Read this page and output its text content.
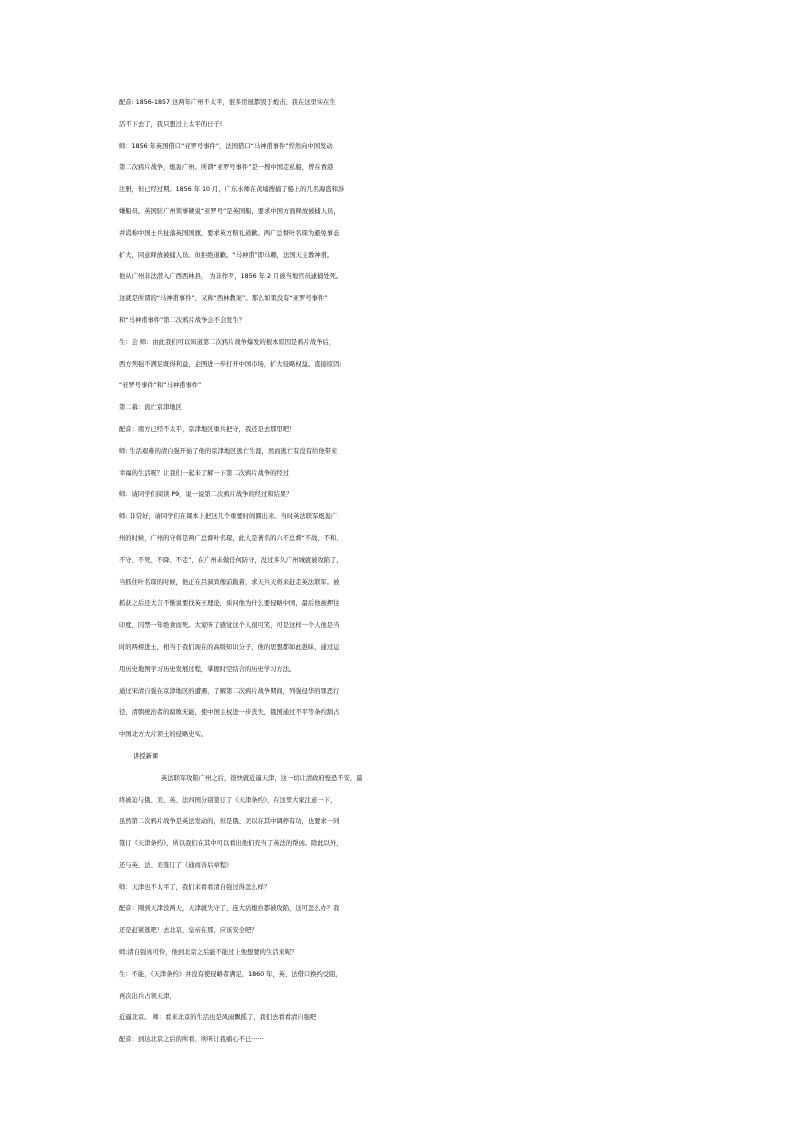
配音: 1856-1857 这两年广州不太平，很多房屋都毁于炮击，我在这里实在生
活不下去了，我只想过上太平的日子!
师：1856 年英国借口“亚罗号事件”，法国借口“马神甫事件”悍然向中国发动
第二次鸦片战争，炮轰广州。所谓“亚罗号事件”是一搜中国走私船，曾在香港
注册，但已经过期。1856 年 10 月，广东水师在黄埔搜捕了船上的几名海盗和涉
嫌船员。英国驻广州领事硬说“亚罗号”是英国船，要求中国方面释放被捕人员，
并谎称中国士兵扯落英国国旗，要求英方赔礼道歉。两广总督叶名琛为避免事态
扩大，同意释放被捕人员。但拒绝道歉。“马神甫”即马赖，法国天主教神甫。
他从广州非法潜入广西西林县， 为非作歹，1856 年 2 月被当地官员逮捕处死。
这就是所谓的“马神甫事件”，又称“西林教案”。那么如果没有“亚罗号事件”
和“马神甫事件”第二次鸦片战争会不会发生？
生：会 师：由此我们可以知道第二次鸦片战争爆发的根本原因是鸦片战争后，
西方列强不满足既得利益，企图进一步打开中国市场，扩大侵略权益。直接原因:
“亚罗号事件”和“马神甫事件”
第二幕：流亡京津地区
配音：南方已经不太平，京津地区重兵把守，我还是去那里吧！
师: 生活艰难的清自强开始了他的京津地区逃亡生涯，然而逃亡有没有给他带来
幸福的生活呢？让我们一起来了解一下第二次鸦片战争的经过
师：请同学们阅读 P9，说一说第二次鸦片战争的经过和结果？
师: 非常好，请同学们在课本上把这几个重要时间圈出来。当时英法联军炮轰广
州的时候，广州的守将是两广总督叶名琛，此人是著名的六不总督“不战、不和、
不守、不死、不降、不走”，在广州未做任何防守，没过多久广州城就被攻陷了，
当抓住叶名琛的时候，他正在吕洞宾像前跪着，求天兵天将来赶走英法联军。被
抓获之后还大言不惭说要找英王理论，质问他为什么要侵略中国，最后他被押往
印度，囚禁一年绝食而死。大家听了感觉这个人很可笑，可是这样一个人他是当
时的两榜进士，相当于我们现在的高级知识分子，他的思想都如此愚昧，通过运
用历史地图学习历史发展过程，掌握时空结合的历史学习方法。
通过宋清自强在京津地区的遭遇，了解第二次鸦片战争期间，列强侵华的罪恶行
径，清朝统治者的腐败无能，使中国主权进一步丧失，俄国通过不平等条约割占
中国北方大片领土的侵略史实。
讲授新课
英法联军攻陷广州之后，很快就近逼天津，这一切让清政府惶恐不安，最
终被迫与俄、美、英、法四国分别签订了《天津条约》，在这里大家注意一下，
虽然第二次鸦片战争是英法发动的，但是俄、美以在其中调停有功，也要求一同
签订《天津条约》，所以我们在其中可以看出他们充当了英法的帮凶。除此以外，
还与英、法、美签订了《通商善后章程》
师：天津也不太平了，我们来看看清自强过得怎么样？
配音：刚到天津没两天，天津就失守了，连大沽炮台都被攻陷，这可怎么办？我
还是赶紧逃吧！去北京，皇帝在那，应该安全吧？
师;清自强真可怜，他到北京之后能不能过上他想要的生活来呢？
生：不能，《天津条约》并没有使侵略者满足，1860 年，英、法借口换约受阻，
再次出兵占领天津，
近逼北京。 师：看来北京的生活也是风雨飘摇了，我们去看看清自强吧
配音：到达北京之后的所看、所听让我痛心不已······
